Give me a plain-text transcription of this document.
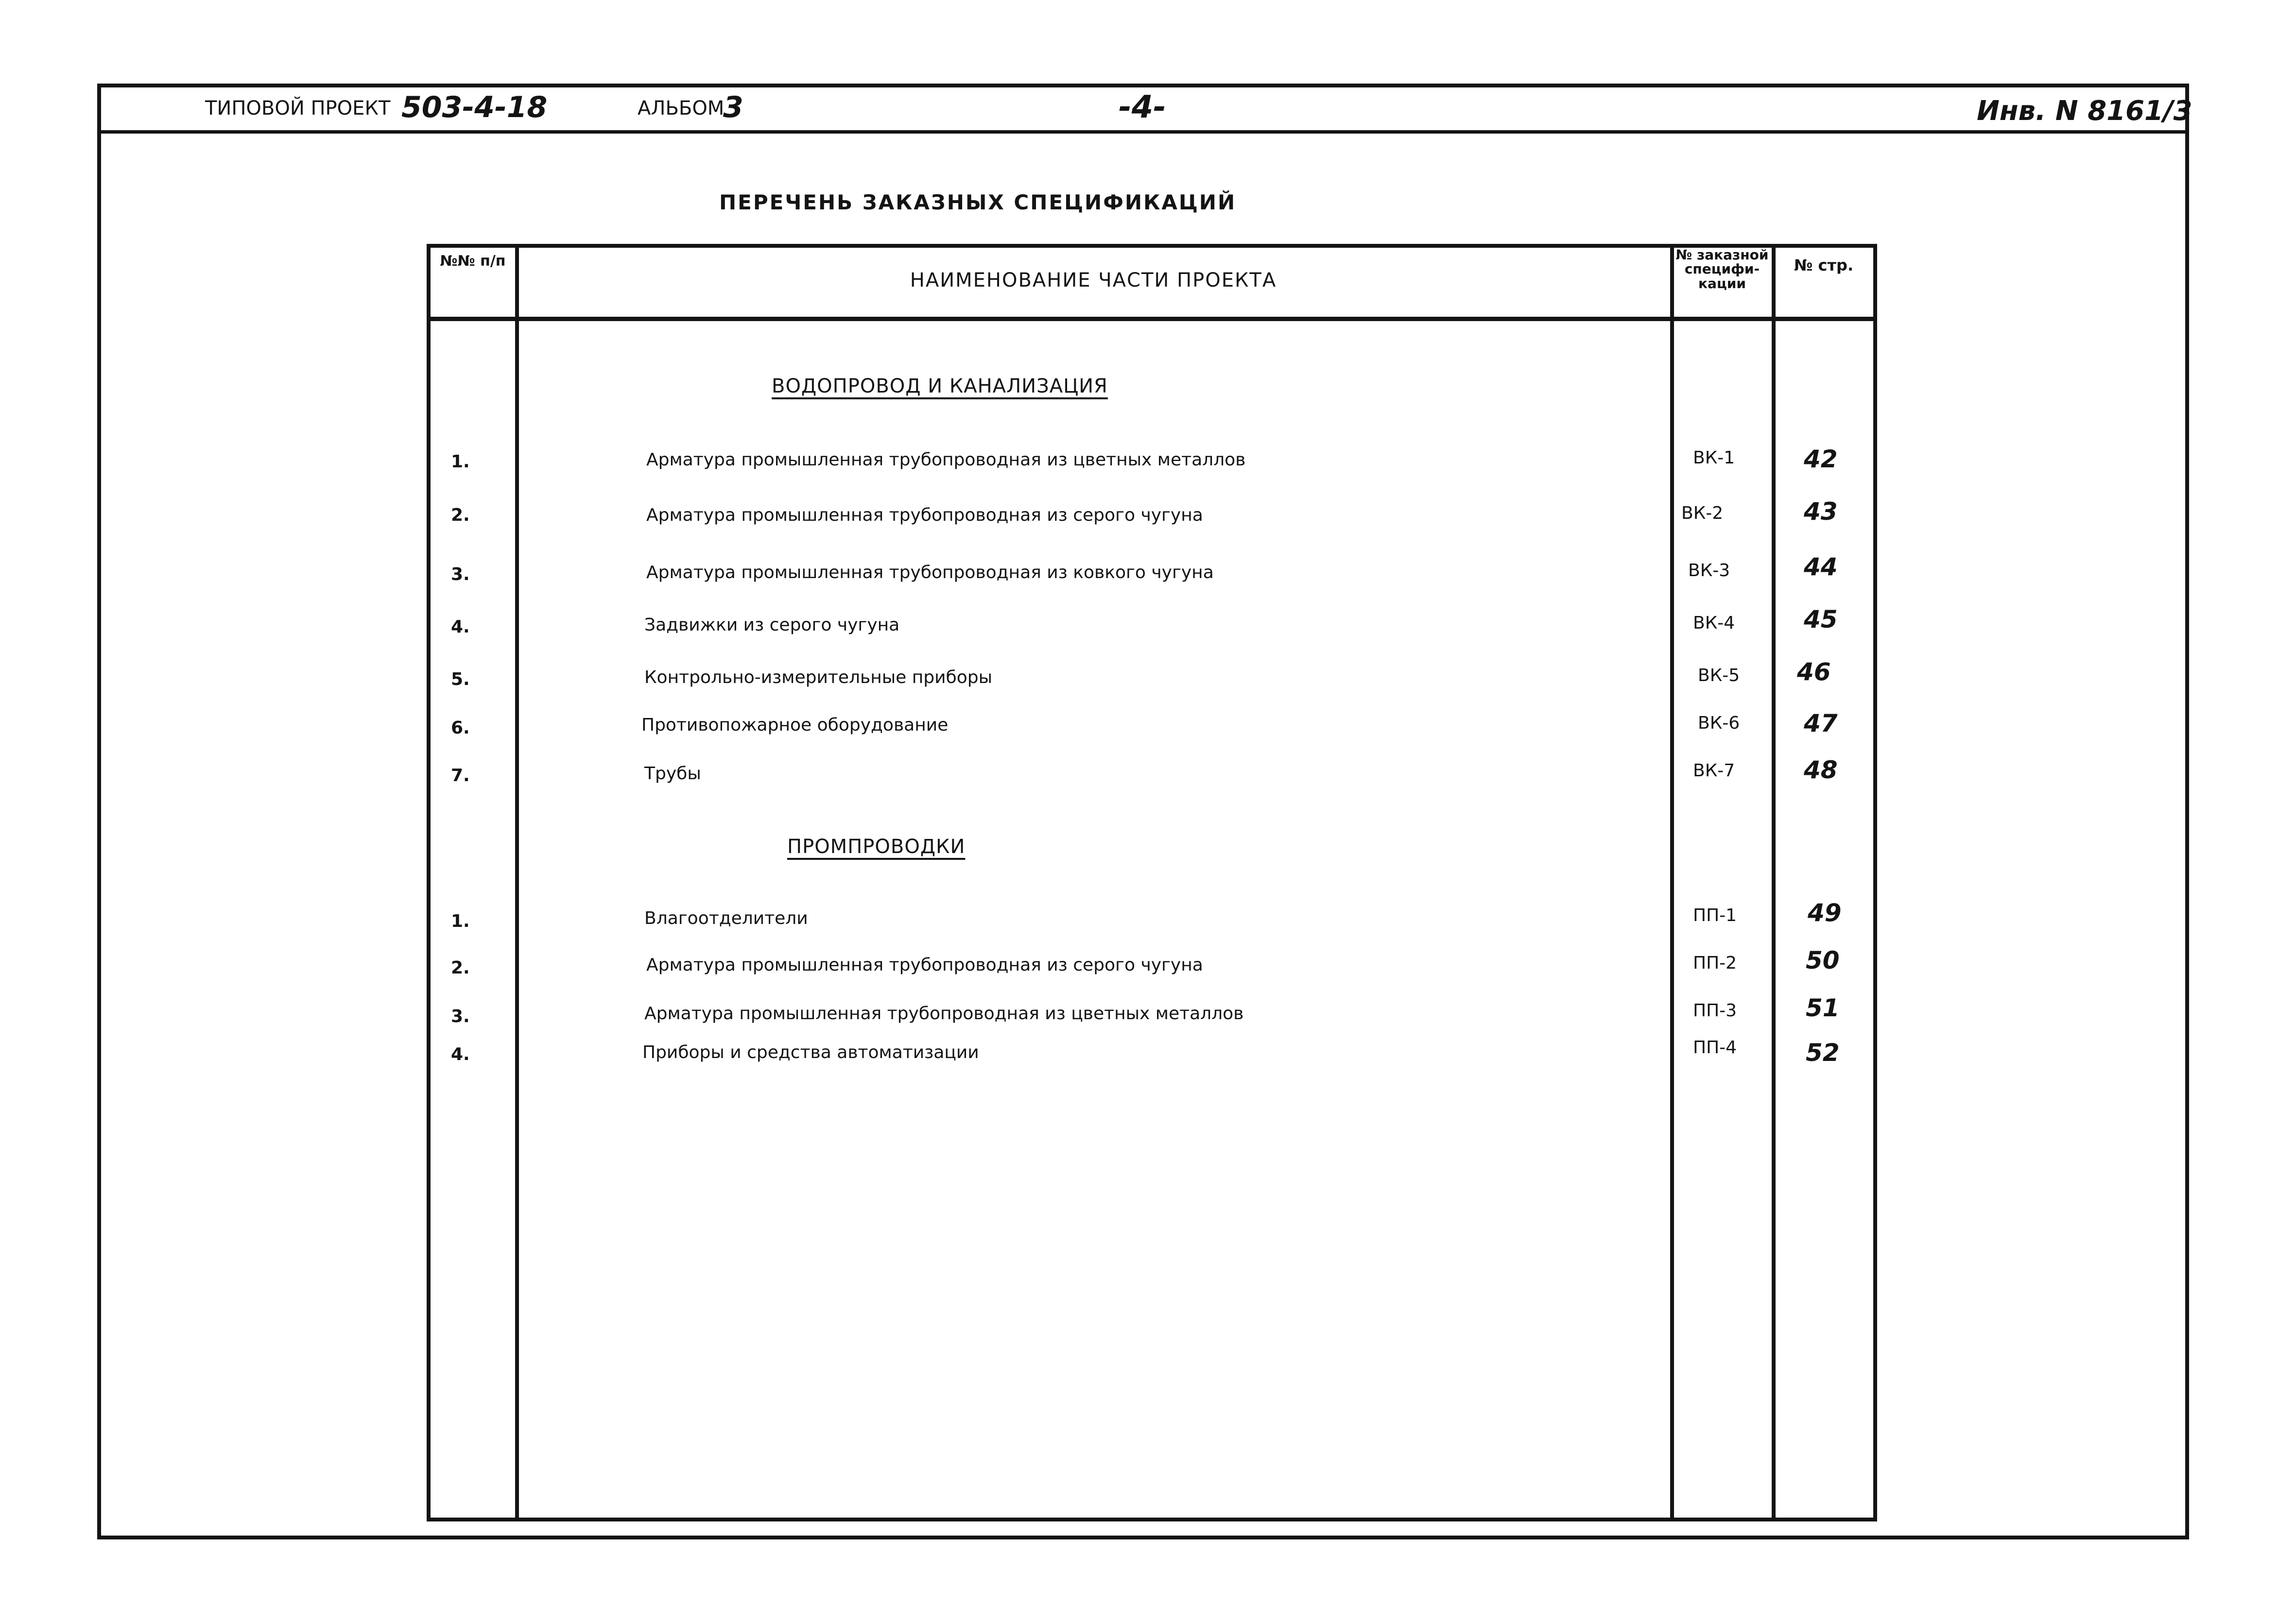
ТИПОВОЙ ПРОЕКТ 503-4-18	АЛЬБОМ
3	-4-	Инв. N 8161/3
ПЕРЕЧЕНЬ ЗАКАЗНЫХ СПЕЦИФИКАЦИЙ
№№ п/п
НАИМЕНОВАНИЕ ЧАСТИ ПРОЕКТА
№ заказной специфи- кации
№ стр.
ВОДОПРОВОД И КАНАЛИЗАЦИЯ
1.	Арматура промышленная трубопроводная из цветных металлов	ВК-1	42
2.	Арматура промышленная трубопроводная из серого чугуна	ВК-2	43
3.	Арматура промышленная трубопроводная из ковкого чугуна	ВК-3	44
4.	Задвижки из серого чугуна	ВК-4	45
5.	Контрольно-измерительные приборы	ВК-5 46
6.	Противопожарное оборудование	ВК-6	47
7.	Трубы	ВК-7	48
ПРОМПРОВОДКИ
1.	Влагоотделители	ПП-1	49
2.	Арматура промышленная трубопроводная из серого чугуна	ПП-2	50
3.	Арматура промышленная трубопроводная из цветных металлов	ПП-3	51
4.	Приборы и средства автоматизации	ПП-4	52
